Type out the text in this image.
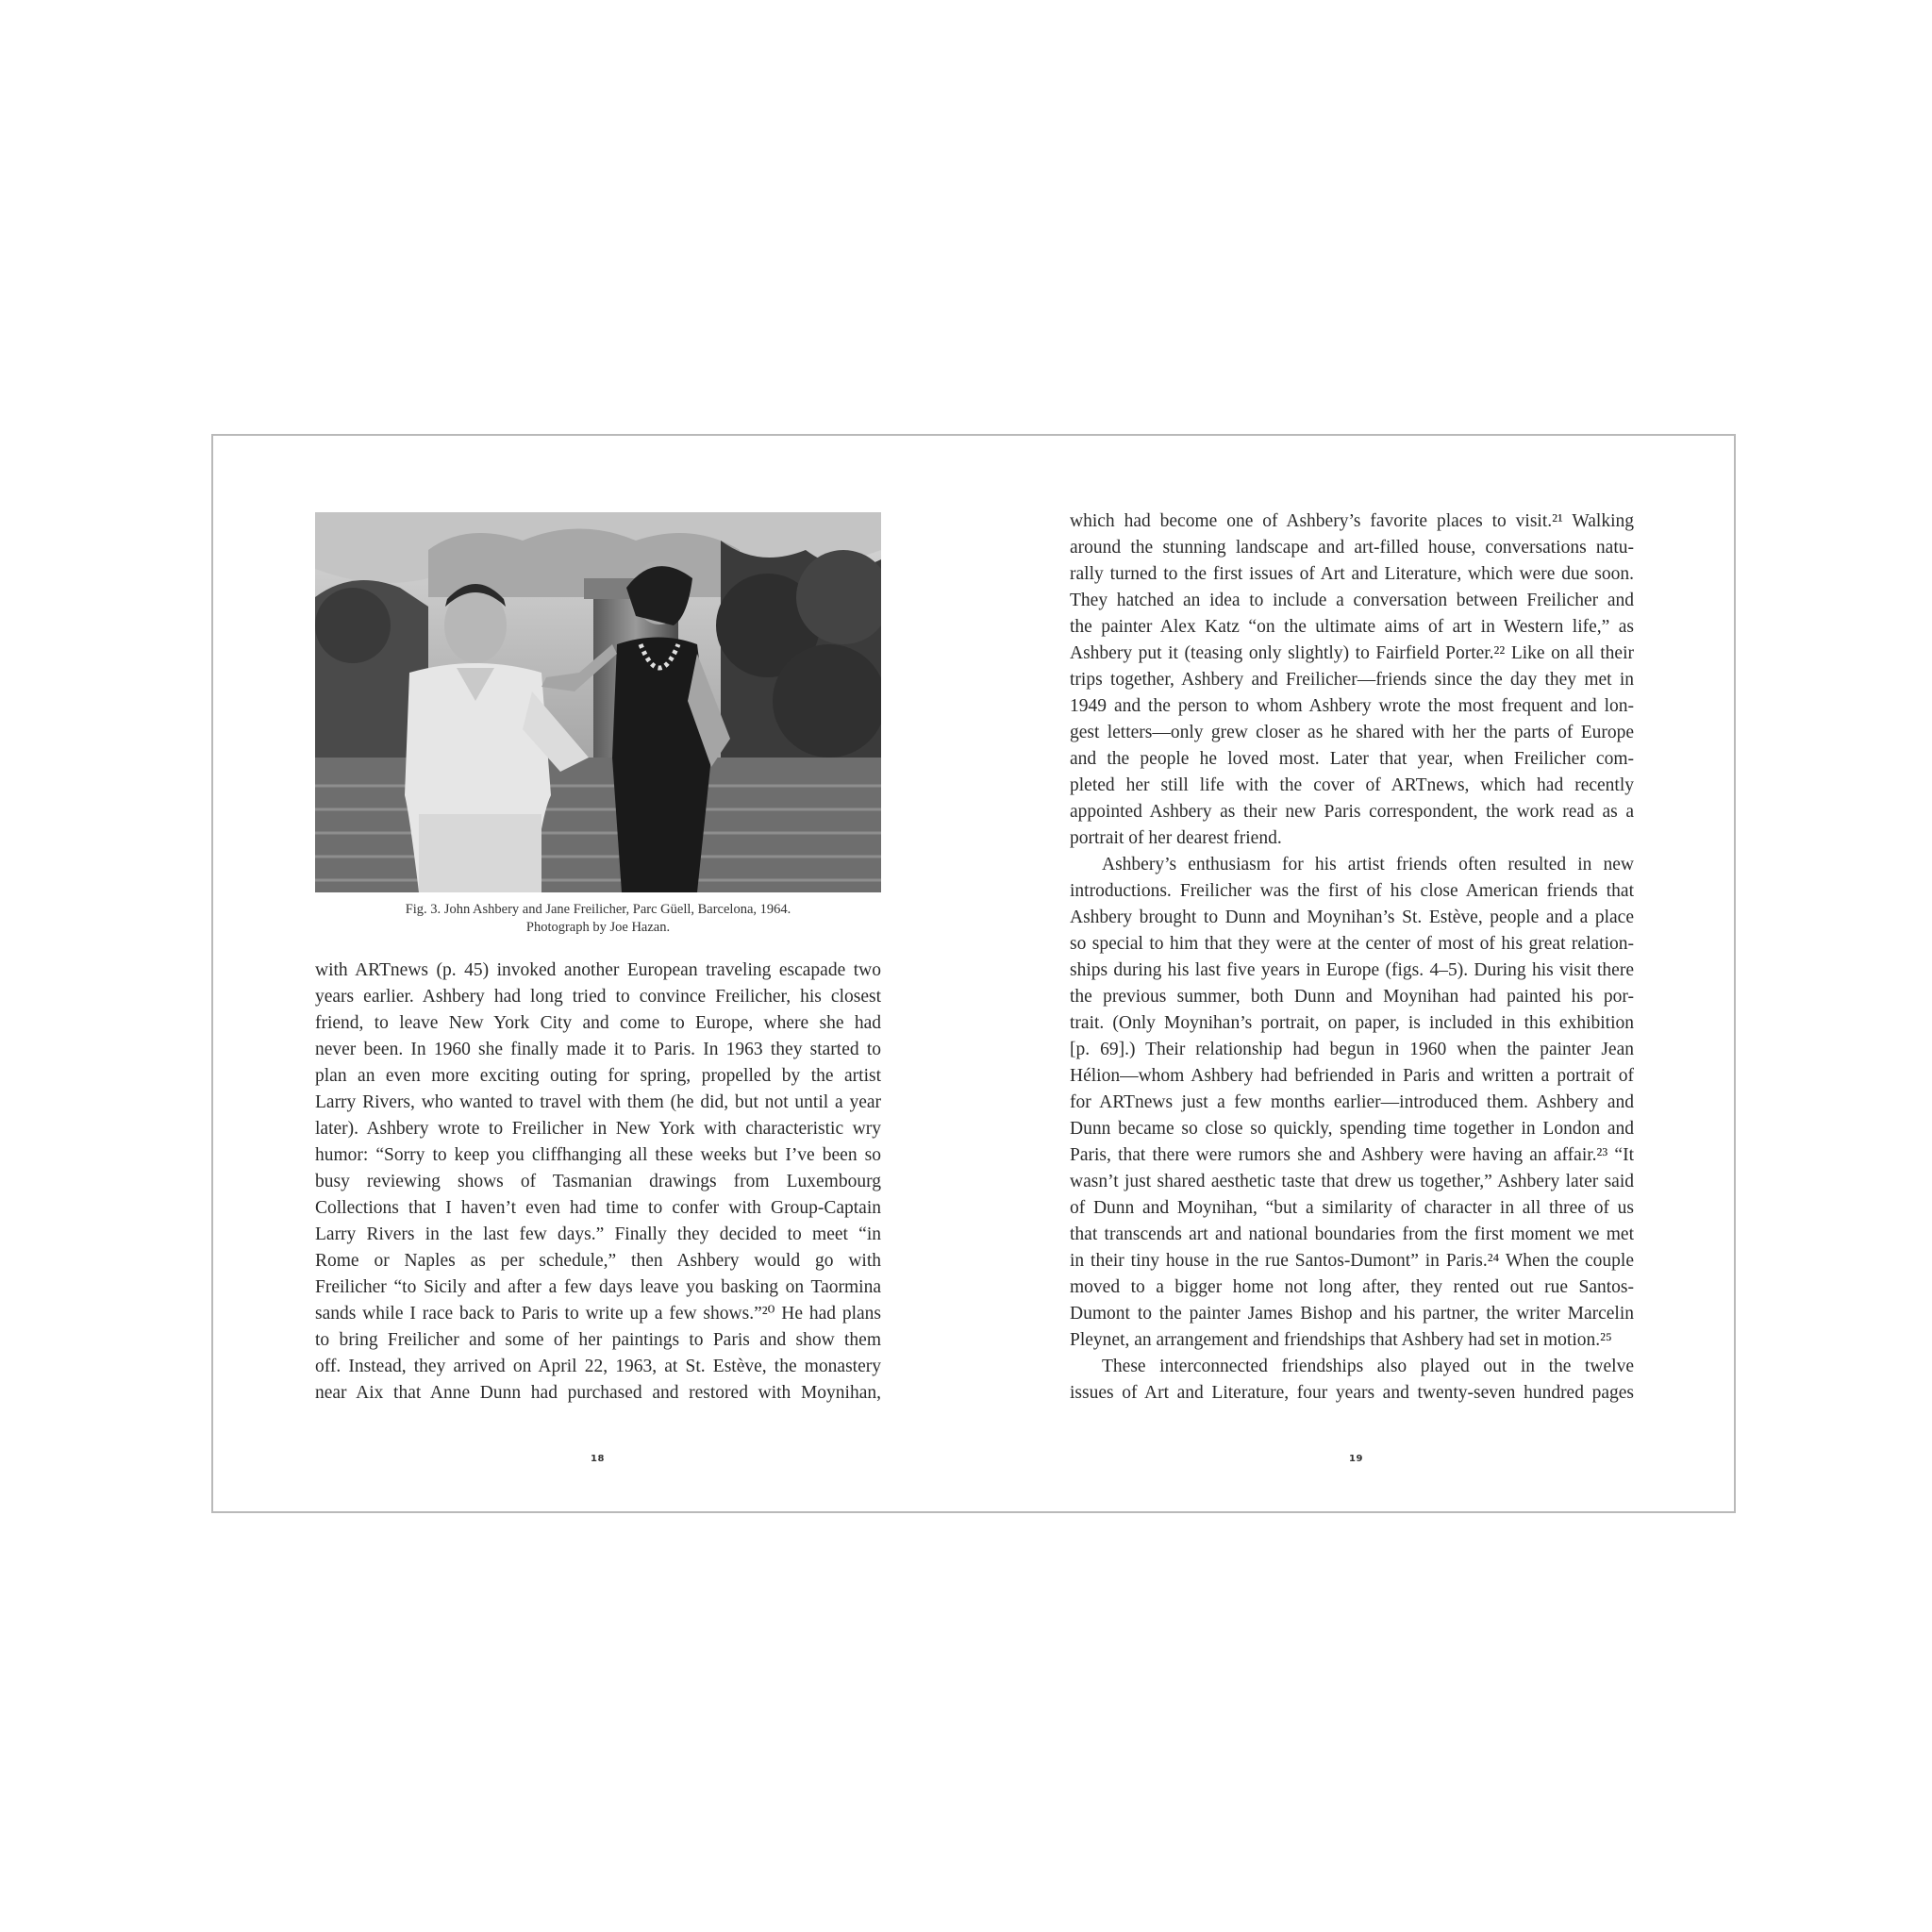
Fig. 3. John Ashbery and Jane Freilicher, Parc Güell, Barcelona, 1964.
Photograph by Joe Hazan.
with ARTnews (p. 45) invoked another European traveling escapade two
years earlier. Ashbery had long tried to convince Freilicher, his closest
friend, to leave New York City and come to Europe, where she had
never been. In 1960 she finally made it to Paris. In 1963 they started to
plan an even more exciting outing for spring, propelled by the artist
Larry Rivers, who wanted to travel with them (he did, but not until a year
later). Ashbery wrote to Freilicher in New York with characteristic wry
humor: “Sorry to keep you cliffhanging all these weeks but I’ve been so
busy reviewing shows of Tasmanian drawings from Luxembourg
Collections that I haven’t even had time to confer with Group-Captain
Larry Rivers in the last few days.” Finally they decided to meet “in
Rome or Naples as per schedule,” then Ashbery would go with
Freilicher “to Sicily and after a few days leave you basking on Taormina
sands while I race back to Paris to write up a few shows.”²⁰ He had plans
to bring Freilicher and some of her paintings to Paris and show them
off. Instead, they arrived on April 22, 1963, at St. Estève, the monastery
near Aix that Anne Dunn had purchased and restored with Moynihan,
which had become one of Ashbery’s favorite places to visit.²¹ Walking
around the stunning landscape and art-filled house, conversations natu-
rally turned to the first issues of Art and Literature, which were due soon.
They hatched an idea to include a conversation between Freilicher and
the painter Alex Katz “on the ultimate aims of art in Western life,” as
Ashbery put it (teasing only slightly) to Fairfield Porter.²² Like on all their
trips together, Ashbery and Freilicher—friends since the day they met in
1949 and the person to whom Ashbery wrote the most frequent and lon-
gest letters—only grew closer as he shared with her the parts of Europe
and the people he loved most. Later that year, when Freilicher com-
pleted her still life with the cover of ARTnews, which had recently
appointed Ashbery as their new Paris correspondent, the work read as a
portrait of her dearest friend.
Ashbery’s enthusiasm for his artist friends often resulted in new
introductions. Freilicher was the first of his close American friends that
Ashbery brought to Dunn and Moynihan’s St. Estève, people and a place
so special to him that they were at the center of most of his great relation-
ships during his last five years in Europe (figs. 4–5). During his visit there
the previous summer, both Dunn and Moynihan had painted his por-
trait. (Only Moynihan’s portrait, on paper, is included in this exhibition
[p. 69].) Their relationship had begun in 1960 when the painter Jean
Hélion—whom Ashbery had befriended in Paris and written a portrait of
for ARTnews just a few months earlier—introduced them. Ashbery and
Dunn became so close so quickly, spending time together in London and
Paris, that there were rumors she and Ashbery were having an affair.²³ “It
wasn’t just shared aesthetic taste that drew us together,” Ashbery later said
of Dunn and Moynihan, “but a similarity of character in all three of us
that transcends art and national boundaries from the first moment we met
in their tiny house in the rue Santos-Dumont” in Paris.²⁴ When the couple
moved to a bigger home not long after, they rented out rue Santos-
Dumont to the painter James Bishop and his partner, the writer Marcelin
Pleynet, an arrangement and friendships that Ashbery had set in motion.²⁵
These interconnected friendships also played out in the twelve
issues of Art and Literature, four years and twenty-seven hundred pages
18	19
